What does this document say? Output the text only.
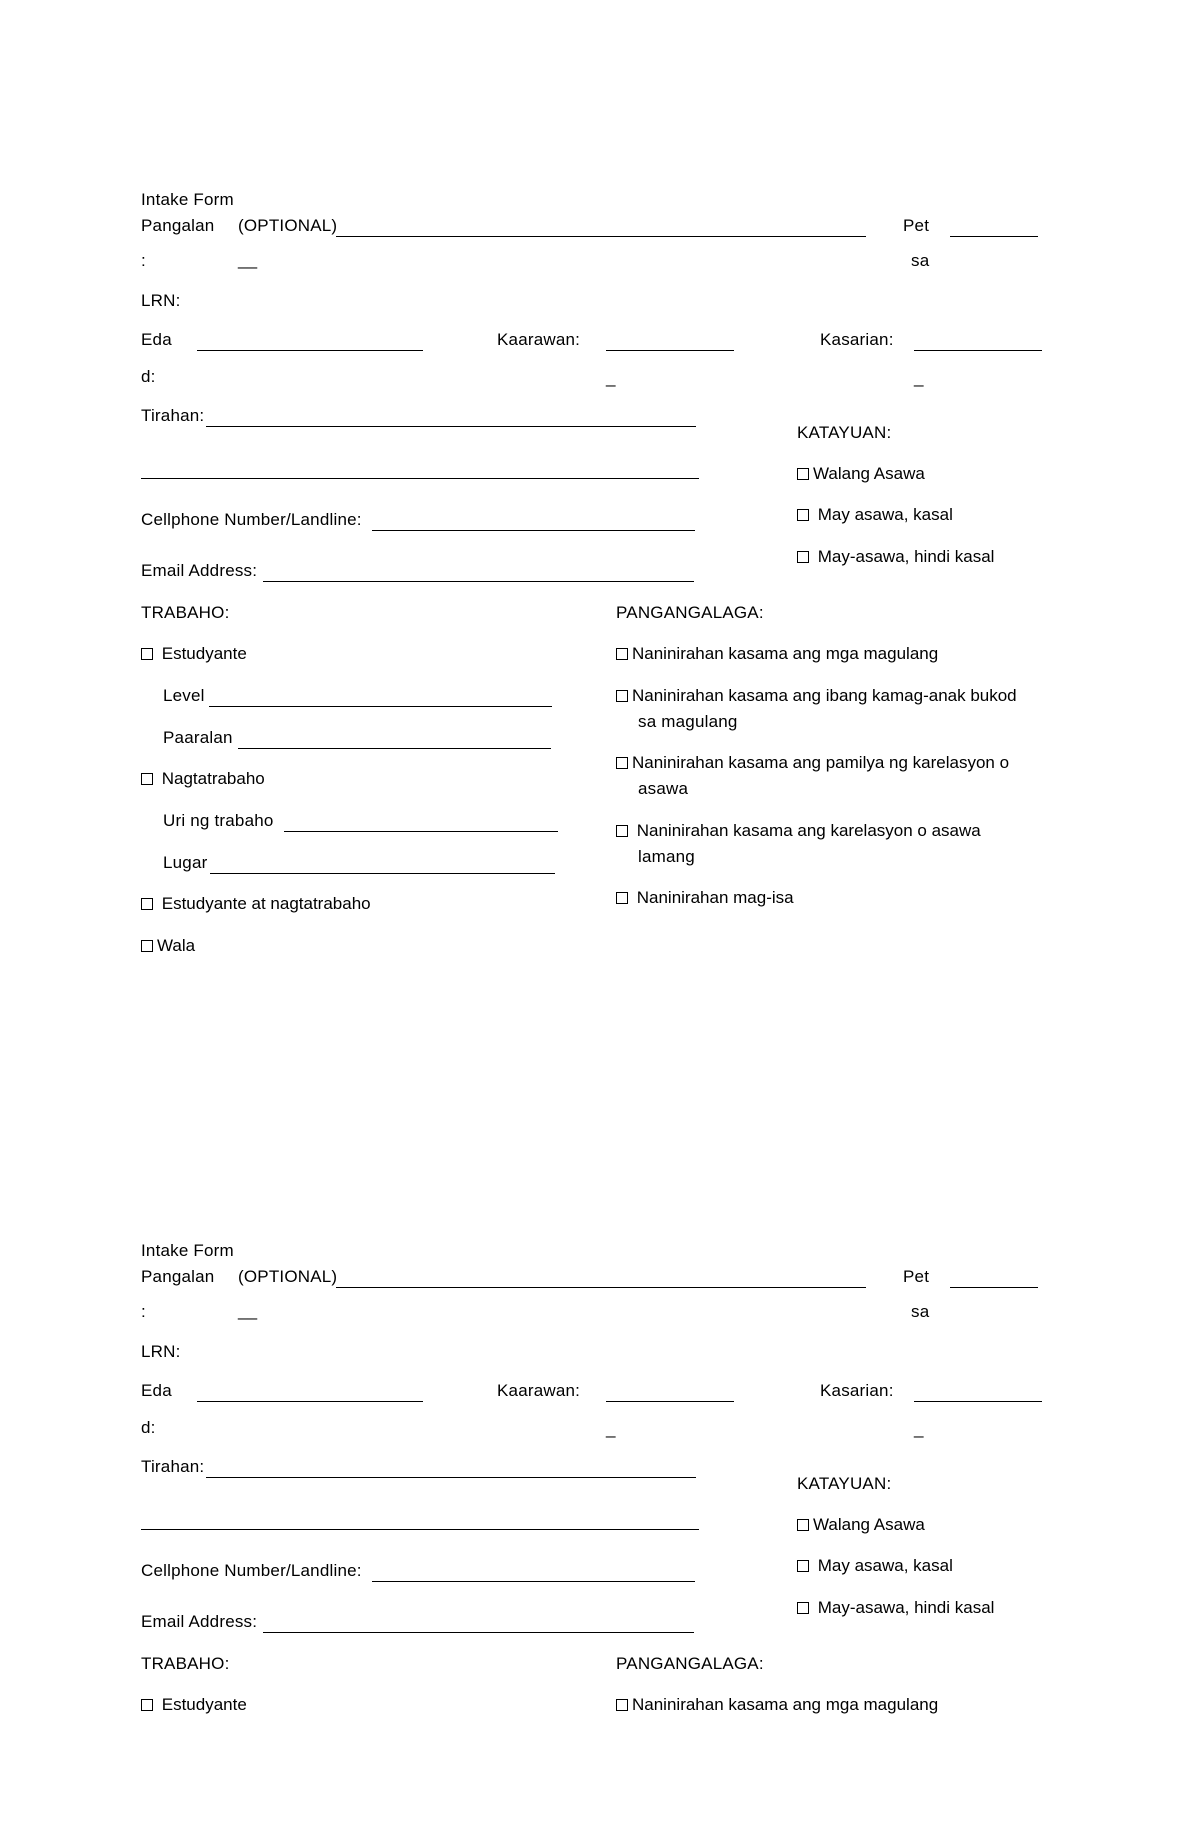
Intake Form
Pangalan
:
(OPTIONAL)
__
Pet
sa
LRN:
Eda
d:
Kaarawan:
_
Kasarian:
_
Tirahan:
Cellphone Number/Landline:
Email Address:
KATAYUAN:
Walang Asawa
May asawa, kasal
May-asawa, hindi kasal
TRABAHO:
Estudyante
Level
Paaralan
Nagtatrabaho
Uri ng trabaho
Lugar
Estudyante at nagtatrabaho
Wala
PANGANGALAGA:
Naninirahan kasama ang mga magulang
Naninirahan kasama ang ibang kamag-anak bukod
sa magulang
Naninirahan kasama ang pamilya ng karelasyon o
asawa
Naninirahan kasama ang karelasyon o asawa
lamang
Naninirahan mag-isa
Intake Form
Pangalan
:
(OPTIONAL)
__
Pet
sa
LRN:
Eda
d:
Kaarawan:
_
Kasarian:
_
Tirahan:
Cellphone Number/Landline:
Email Address:
KATAYUAN:
Walang Asawa
May asawa, kasal
May-asawa, hindi kasal
TRABAHO:
Estudyante
PANGANGALAGA:
Naninirahan kasama ang mga magulang
